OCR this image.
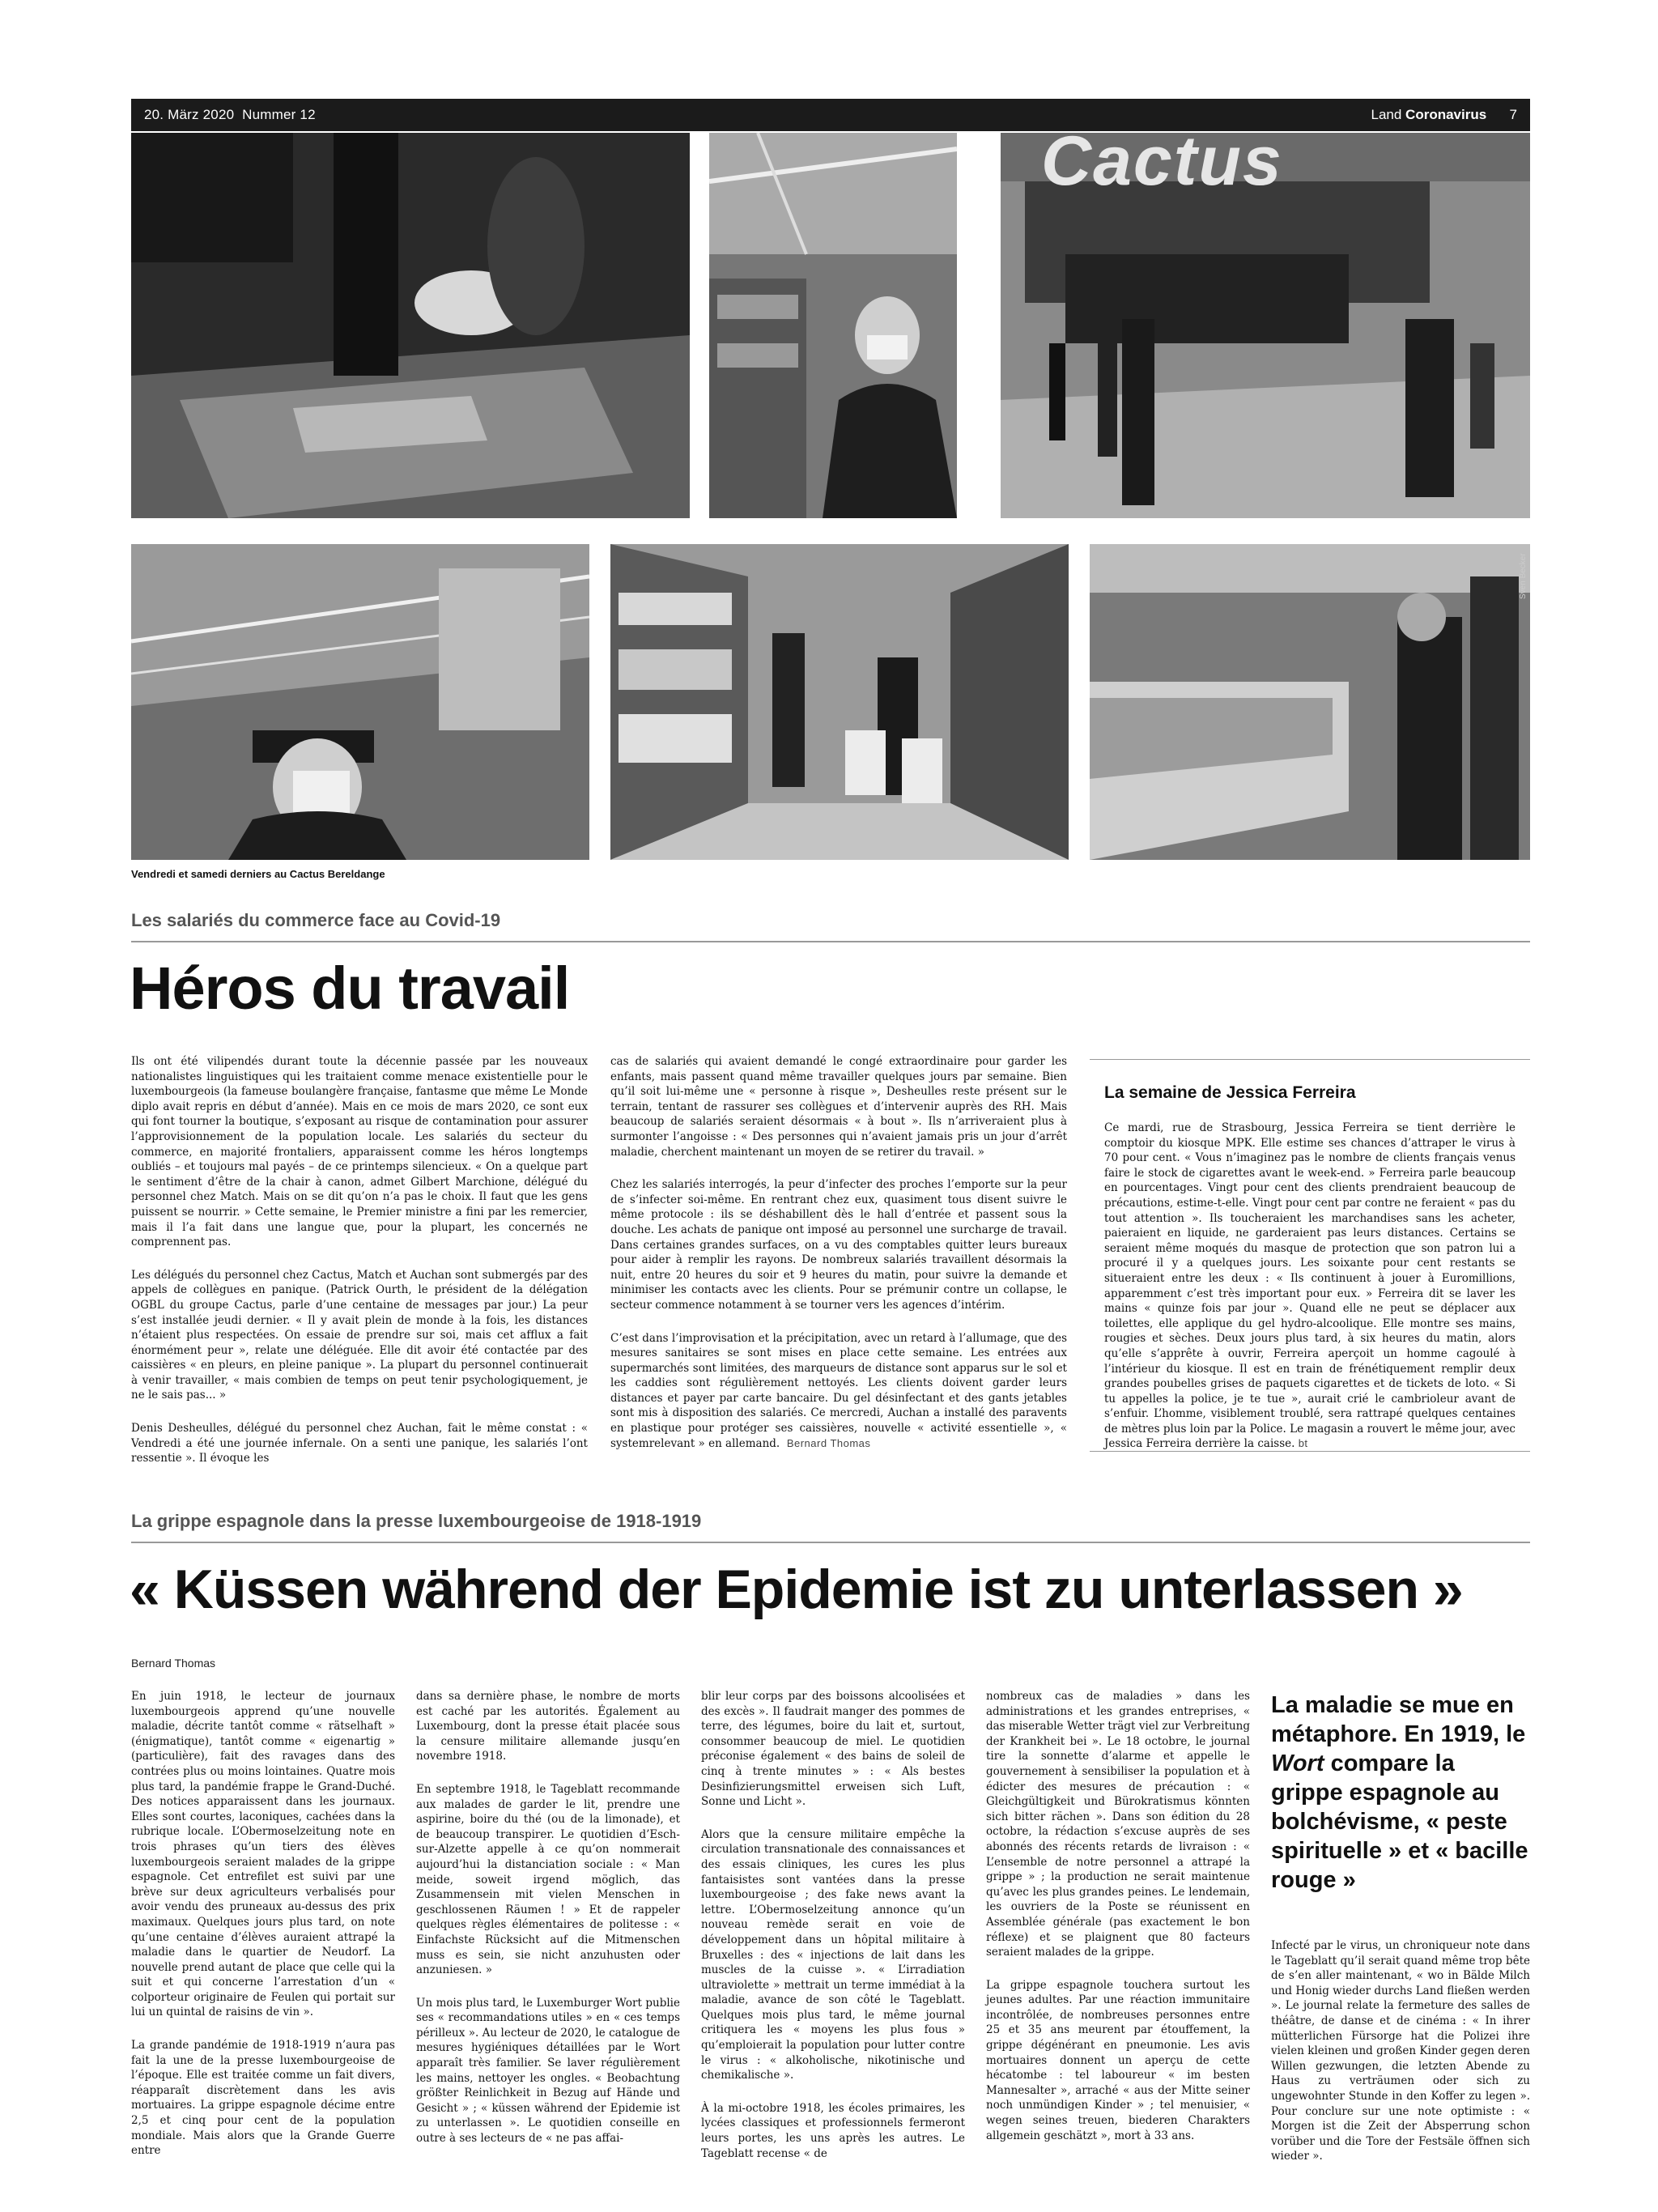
20. März 2020 Nummer 12	Land Coronavirus 7
Cactus
Sven Becker
Vendredi et samedi derniers au Cactus Bereldange
Les salariés du commerce face au Covid-19
Héros du travail

Ils ont été vilipendés durant toute la décennie passée par les nouveaux nationalistes linguistiques qui les traitaient comme menace existentielle pour le luxembourgeois (la fameuse boulangère française, fantasme que même Le Monde diplo avait repris en début d’année). Mais en ce mois de mars 2020, ce sont eux qui font tourner la boutique, s’exposant au risque de contamination pour assurer l’approvisionnement de la population locale. Les salariés du secteur du commerce, en majorité frontaliers, apparaissent comme les héros longtemps oubliés – et toujours mal payés – de ce printemps silencieux. « On a quelque part le sentiment d’être de la chair à canon, admet Gilbert Marchione, délégué du personnel chez Match. Mais on se dit qu’on n’a pas le choix. Il faut que les gens puissent se nourrir. » Cette semaine, le Premier ministre a fini par les remercier, mais il l’a fait dans une langue que, pour la plupart, les concernés ne comprennent pas.

Les délégués du personnel chez Cactus, Match et Auchan sont submergés par des appels de collègues en panique. (Patrick Ourth, le président de la délégation OGBL du groupe Cactus, parle d’une centaine de messages par jour.) La peur s’est installée jeudi dernier. « Il y avait plein de monde à la fois, les distances n’étaient plus respectées. On essaie de prendre sur soi, mais cet afflux a fait énormément peur », relate une déléguée. Elle dit avoir été contactée par des caissières « en pleurs, en pleine panique ». La plupart du personnel continuerait à venir travailler, « mais combien de temps on peut tenir psychologiquement, je ne le sais pas... »

Denis Desheulles, délégué du personnel chez Auchan, fait le même constat : « Vendredi a été une journée infernale. On a senti une panique, les salariés l’ont ressentie ». Il évoque les

cas de salariés qui avaient demandé le congé extraordinaire pour garder les enfants, mais passent quand même travailler quelques jours par semaine. Bien qu’il soit lui-même une « personne à risque », Desheulles reste présent sur le terrain, tentant de rassurer ses collègues et d’intervenir auprès des RH. Mais beaucoup de salariés seraient désormais « à bout ». Ils n’arriveraient plus à surmonter l’angoisse : « Des personnes qui n’avaient jamais pris un jour d’arrêt maladie, cherchent maintenant un moyen de se retirer du travail. »

Chez les salariés interrogés, la peur d’infecter des proches l’emporte sur la peur de s’infecter soi-même. En rentrant chez eux, quasiment tous disent suivre le même protocole : ils se déshabillent dès le hall d’entrée et passent sous la douche. Les achats de panique ont imposé au personnel une surcharge de travail. Dans certaines grandes surfaces, on a vu des comptables quitter leurs bureaux pour aider à remplir les rayons. De nombreux salariés travaillent désormais la nuit, entre 20 heures du soir et 9 heures du matin, pour suivre la demande et minimiser les contacts avec les clients. Pour se prémunir contre un collapse, le secteur commence notamment à se tourner vers les agences d’intérim.

C’est dans l’improvisation et la précipitation, avec un retard à l’allumage, que des mesures sanitaires se sont mises en place cette semaine. Les entrées aux supermarchés sont limitées, des marqueurs de distance sont apparus sur le sol et les caddies sont régulièrement nettoyés. Les clients doivent garder leurs distances et payer par carte bancaire. Du gel désinfectant et des gants jetables sont mis à disposition des salariés. Ce mercredi, Auchan a installé des paravents en plastique pour protéger ses caissières, nouvelle « activité essentielle », « systemrelevant » en allemand. Bernard Thomas

La semaine de Jessica Ferreira

Ce mardi, rue de Strasbourg, Jessica Ferreira se tient derrière le comptoir du kiosque MPK. Elle estime ses chances d’attraper le virus à 70 pour cent. « Vous n’imaginez pas le nombre de clients français venus faire le stock de cigarettes avant le week-end. » Ferreira parle beaucoup en pourcentages. Vingt pour cent des clients prendraient beaucoup de précautions, estime-t-elle. Vingt pour cent par contre ne feraient « pas du tout attention ». Ils toucheraient les marchandises sans les acheter, paieraient en liquide, ne garderaient pas leurs distances. Certains se seraient même moqués du masque de protection que son patron lui a procuré il y a quelques jours. Les soixante pour cent restants se situeraient entre les deux : « Ils continuent à jouer à Euromillions, apparemment c’est très important pour eux. » Ferreira dit se laver les mains « quinze fois par jour ». Quand elle ne peut se déplacer aux toilettes, elle applique du gel hydro-alcoolique. Elle montre ses mains, rougies et sèches. Deux jours plus tard, à six heures du matin, alors qu’elle s’apprête à ouvrir, Ferreira aperçoit un homme cagoulé à l’intérieur du kiosque. Il est en train de frénétiquement remplir deux grandes poubelles grises de paquets cigarettes et de tickets de loto. « Si tu appelles la police, je te tue », aurait crié le cambrioleur avant de s’enfuir. L’homme, visiblement troublé, sera rattrapé quelques centaines de mètres plus loin par la Police. Le magasin a rouvert le même jour, avec Jessica Ferreira derrière la caisse. bt

La grippe espagnole dans la presse luxembourgeoise de 1918-1919
« Küssen während der Epidemie ist zu unterlassen »
Bernard Thomas

En juin 1918, le lecteur de journaux luxembourgeois apprend qu’une nouvelle maladie, décrite tantôt comme « rätselhaft » (énigmatique), tantôt comme « eigenartig » (particulière), fait des ravages dans des contrées plus ou moins lointaines. Quatre mois plus tard, la pandémie frappe le Grand-Duché. Des notices apparaissent dans les journaux. Elles sont courtes, laconiques, cachées dans la rubrique locale. L’Obermoselzeitung note en trois phrases qu’un tiers des élèves luxembourgeois seraient malades de la grippe espagnole. Cet entrefilet est suivi par une brève sur deux agriculteurs verbalisés pour avoir vendu des pruneaux au-dessus des prix maximaux. Quelques jours plus tard, on note qu’une centaine d’élèves auraient attrapé la maladie dans le quartier de Neudorf. La nouvelle prend autant de place que celle qui la suit et qui concerne l’arrestation d’un « colporteur originaire de Feulen qui portait sur lui un quintal de raisins de vin ».

La grande pandémie de 1918-1919 n’aura pas fait la une de la presse luxembourgeoise de l’époque. Elle est traitée comme un fait divers, réapparaît discrètement dans les avis mortuaires. La grippe espagnole décime entre 2,5 et cinq pour cent de la population mondiale. Mais alors que la Grande Guerre entre

dans sa dernière phase, le nombre de morts est caché par les autorités. Également au Luxembourg, dont la presse était placée sous la censure militaire allemande jusqu’en novembre 1918.

En septembre 1918, le Tageblatt recommande aux malades de garder le lit, prendre une aspirine, boire du thé (ou de la limonade), et de beaucoup transpirer. Le quotidien d’Esch-sur-Alzette appelle à ce qu’on nommerait aujourd’hui la distanciation sociale : « Man meide, soweit irgend möglich, das Zusammensein mit vielen Menschen in geschlossenen Räumen ! » Et de rappeler quelques règles élémentaires de politesse : « Einfachste Rücksicht auf die Mitmenschen muss es sein, sie nicht anzuhusten oder anzuniesen. »

Un mois plus tard, le Luxemburger Wort publie ses « recommandations utiles » en « ces temps périlleux ». Au lecteur de 2020, le catalogue de mesures hygiéniques détaillées par le Wort apparaît très familier. Se laver régulièrement les mains, nettoyer les ongles. « Beobachtung größter Reinlichkeit in Bezug auf Hände und Gesicht » ; « küssen während der Epidemie ist zu unterlassen ». Le quotidien conseille en outre à ses lecteurs de « ne pas affai-

blir leur corps par des boissons alcoolisées et des excès ». Il faudrait manger des pommes de terre, des légumes, boire du lait et, surtout, consommer beaucoup de miel. Le quotidien préconise également « des bains de soleil de cinq à trente minutes » : « Als bestes Desinfizierungsmittel erweisen sich Luft, Sonne und Licht ».

Alors que la censure militaire empêche la circulation transnationale des connaissances et des essais cliniques, les cures les plus fantaisistes sont vantées dans la presse luxembourgeoise ; des fake news avant la lettre. L’Obermoselzeitung annonce qu’un nouveau remède serait en voie de développement dans un hôpital militaire à Bruxelles : des « injections de lait dans les muscles de la cuisse ». « L’irradiation ultraviolette » mettrait un terme immédiat à la maladie, avance de son côté le Tageblatt. Quelques mois plus tard, le même journal critiquera les « moyens les plus fous » qu’emploierait la population pour lutter contre le virus : « alkoholische, nikotinische und chemikalische ».

À la mi-octobre 1918, les écoles primaires, les lycées classiques et professionnels fermeront leurs portes, les uns après les autres. Le Tageblatt recense « de

nombreux cas de maladies » dans les administrations et les grandes entreprises, « das miserable Wetter trägt viel zur Verbreitung der Krankheit bei ». Le 18 octobre, le journal tire la sonnette d’alarme et appelle le gouvernement à sensibiliser la population et à édicter des mesures de précaution : « Gleichgültigkeit und Bürokratismus könnten sich bitter rächen ». Dans son édition du 28 octobre, la rédaction s’excuse auprès de ses abonnés des récents retards de livraison : « L’ensemble de notre personnel a attrapé la grippe » ; la production ne serait maintenue qu’avec les plus grandes peines. Le lendemain, les ouvriers de la Poste se réunissent en Assemblée générale (pas exactement le bon réflexe) et se plaignent que 80 facteurs seraient malades de la grippe.

La grippe espagnole touchera surtout les jeunes adultes. Par une réaction immunitaire incontrôlée, de nombreuses personnes entre 25 et 35 ans meurent par étouffement, la grippe dégénérant en pneumonie. Les avis mortuaires donnent un aperçu de cette hécatombe : tel laboureur « im besten Mannesalter », arraché « aus der Mitte seiner noch unmündigen Kinder » ; tel menuisier, « wegen seines treuen, biederen Charakters allgemein geschätzt », mort à 33 ans.

La maladie se mue en métaphore. En 1919, le Wort compare la grippe espagnole au bolchévisme, « peste spirituelle » et « bacille rouge »

Infecté par le virus, un chroniqueur note dans le Tageblatt qu’il serait quand même trop bête de s’en aller maintenant, « wo in Bälde Milch und Honig wieder durchs Land fließen werden ». Le journal relate la fermeture des salles de théâtre, de danse et de cinéma : « In ihrer mütterlichen Fürsorge hat die Polizei ihre vielen kleinen und großen Kinder gegen deren Willen gezwungen, die letzten Abende zu Haus zu verträumen oder sich zu ungewohnter Stunde in den Koffer zu legen ». Pour conclure sur une note optimiste : « Morgen ist die Zeit der Absperrung schon vorüber und die Tore der Festsäle öffnen sich wieder ».
